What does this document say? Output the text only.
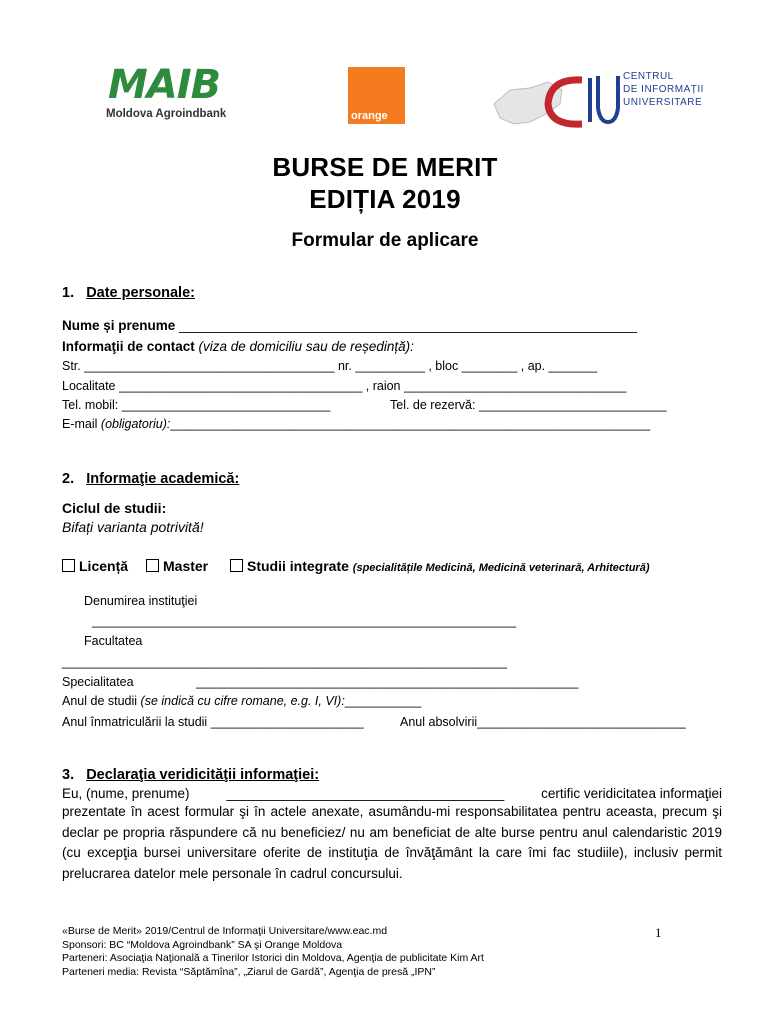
MAIB
Moldova Agroindbank	orange
CENTRUL
DE INFORMAȚII
UNIVERSITARE
BURSE DE MERIT
EDIȚIA 2019
Formular de aplicare
1. Date personale:
Nume și prenume _____________________________________________________________
Informaţii de contact (viza de domiciliu sau de reședință):
Str. ____________________________________ nr. __________ , bloc ________ , ap. _______
Localitate ___________________________________ , raion ________________________________
Tel. mobil: ______________________________	Tel. de rezervă: ___________________________
E-mail (obligatoriu):_____________________________________________________________________
2. Informaţie academică:
Ciclul de studii:
Bifați varianta potrivită!
Licență	Master	Studii integrate (specialitățile Medicină, Medicină veterinară, Arhitectură)
Denumirea instituţiei
_____________________________________________________________
Facultatea
________________________________________________________________
Specialitatea	_______________________________________________________
Anul de studii (se indică cu cifre romane, e.g. I, VI):___________
Anul înmatriculării la studii ______________________	Anul absolvirii______________________________
3. Declaraţia veridicităţii informaţiei:
Eu, (nume, prenume)	_____________________________________	certific veridicitatea informaţiei
prezentate în acest formular şi în actele anexate, asumându-mi responsabilitatea pentru aceasta, precum şi declar pe propria răspundere că nu beneficiez/ nu am beneficiat de alte burse pentru anul calendaristic 2019 (cu excepţia bursei universitare oferite de instituţia de învăţământ la care îmi fac studiile), inclusiv permit prelucrarea datelor mele personale în cadrul concursului.
«Burse de Merit» 2019/Centrul de Informaţii Universitare/www.eac.md
Sponsori: BC “Moldova Agroindbank” SA şi Orange Moldova
Parteneri: Asociaţia Naţională a Tinerilor Istorici din Moldova, Agenţia de publicitate Kim Art
Parteneri media: Revista “Săptămîna”, „Ziarul de Gardă”, Agenţia de presă „IPN”
1
